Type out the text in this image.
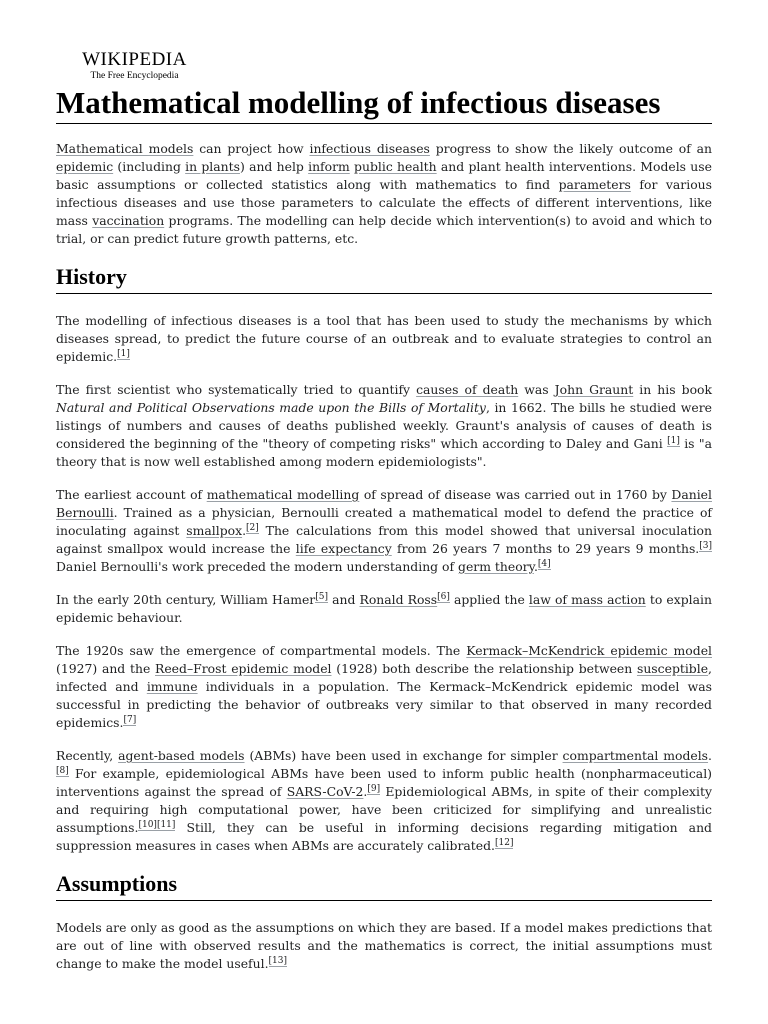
WIKIPEDIA
The Free Encyclopedia
Mathematical modelling of infectious diseases

Mathematical models can project how infectious diseases progress to show the likely outcome of an epidemic (including in plants) and help inform public health and plant health interventions. Models use basic assumptions or collected statistics along with mathematics to find parameters for various infectious diseases and use those parameters to calculate the effects of different interventions, like mass vaccination programs. The modelling can help decide which intervention(s) to avoid and which to trial, or can predict future growth patterns, etc.

History

The modelling of infectious diseases is a tool that has been used to study the mechanisms by which diseases spread, to predict the future course of an outbreak and to evaluate strategies to control an epidemic.[1]

The first scientist who systematically tried to quantify causes of death was John Graunt in his book Natural and Political Observations made upon the Bills of Mortality, in 1662. The bills he studied were listings of numbers and causes of deaths published weekly. Graunt's analysis of causes of death is considered the beginning of the "theory of competing risks" which according to Daley and Gani [1] is "a theory that is now well established among modern epidemiologists".

The earliest account of mathematical modelling of spread of disease was carried out in 1760 by Daniel Bernoulli. Trained as a physician, Bernoulli created a mathematical model to defend the practice of inoculating against smallpox.[2] The calculations from this model showed that universal inoculation against smallpox would increase the life expectancy from 26 years 7 months to 29 years 9 months.[3] Daniel Bernoulli's work preceded the modern understanding of germ theory.[4]

In the early 20th century, William Hamer[5] and Ronald Ross[6] applied the law of mass action to explain epidemic behaviour.

The 1920s saw the emergence of compartmental models. The Kermack–McKendrick epidemic model (1927) and the Reed–Frost epidemic model (1928) both describe the relationship between susceptible, infected and immune individuals in a population. The Kermack–McKendrick epidemic model was successful in predicting the behavior of outbreaks very similar to that observed in many recorded epidemics.[7]

Recently, agent-based models (ABMs) have been used in exchange for simpler compartmental models.[8] For example, epidemiological ABMs have been used to inform public health (nonpharmaceutical) interventions against the spread of SARS-CoV-2.[9] Epidemiological ABMs, in spite of their complexity and requiring high computational power, have been criticized for simplifying and unrealistic assumptions.[10][11] Still, they can be useful in informing decisions regarding mitigation and suppression measures in cases when ABMs are accurately calibrated.[12]

Assumptions

Models are only as good as the assumptions on which they are based. If a model makes predictions that are out of line with observed results and the mathematics is correct, the initial assumptions must change to make the model useful.[13]
